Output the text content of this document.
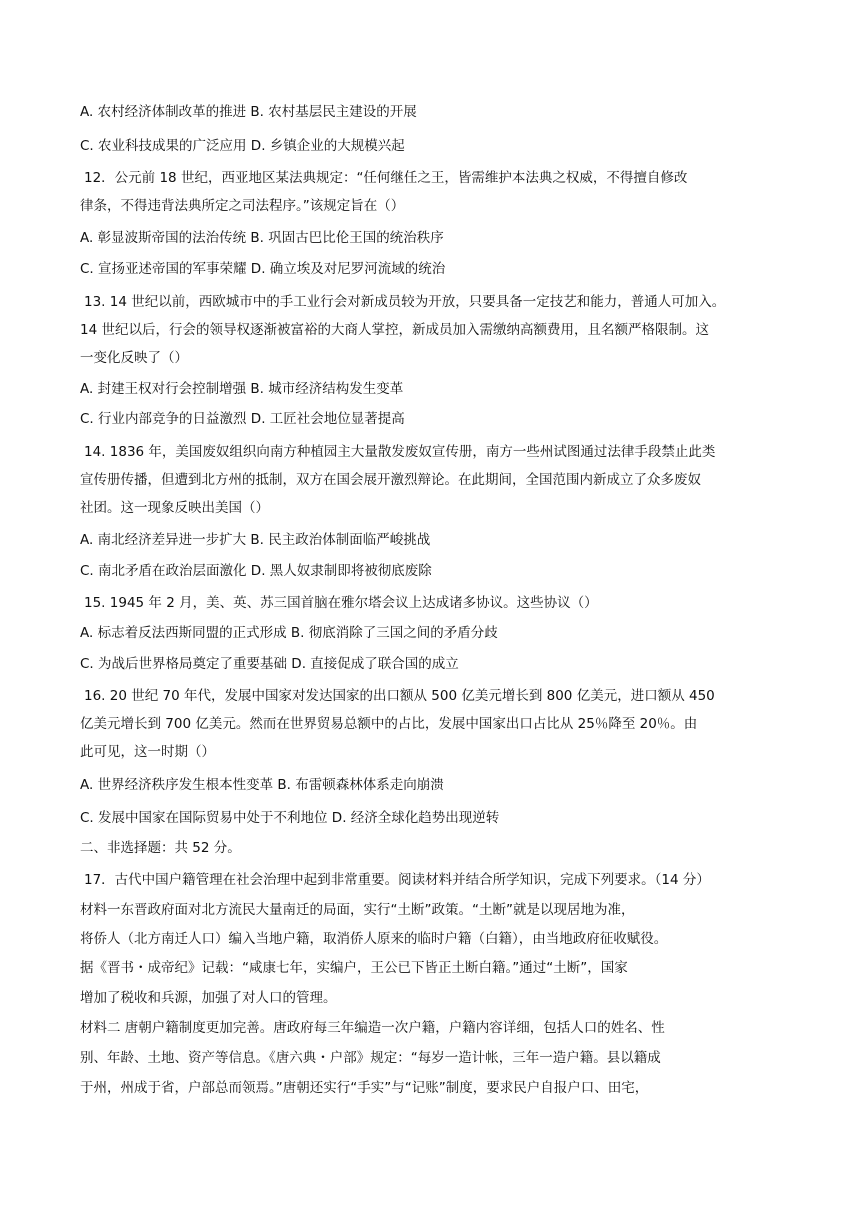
A. 农村经济体制改革的推进 B. 农村基层民主建设的开展
C. 农业科技成果的广泛应用 D. 乡镇企业的大规模兴起
12．公元前 18 世纪，西亚地区某法典规定：“任何继任之王，皆需维护本法典之权威，不得擅自修改
律条，不得违背法典所定之司法程序。”该规定旨在（）
A. 彰显波斯帝国的法治传统 B. 巩固古巴比伦王国的统治秩序
C. 宣扬亚述帝国的军事荣耀 D. 确立埃及对尼罗河流域的统治
13. 14 世纪以前，西欧城市中的手工业行会对新成员较为开放，只要具备一定技艺和能力，普通人可加入。
14 世纪以后，行会的领导权逐渐被富裕的大商人掌控，新成员加入需缴纳高额费用，且名额严格限制。这
一变化反映了（）
A. 封建王权对行会控制增强 B. 城市经济结构发生变革
C. 行业内部竞争的日益激烈 D. 工匠社会地位显著提高
14. 1836 年，美国废奴组织向南方种植园主大量散发废奴宣传册，南方一些州试图通过法律手段禁止此类
宣传册传播，但遭到北方州的抵制，双方在国会展开激烈辩论。在此期间，全国范围内新成立了众多废奴
社团。这一现象反映出美国（）
A. 南北经济差异进一步扩大 B. 民主政治体制面临严峻挑战
C. 南北矛盾在政治层面激化 D. 黑人奴隶制即将被彻底废除
15. 1945 年 2 月，美、英、苏三国首脑在雅尔塔会议上达成诸多协议。这些协议（）
A. 标志着反法西斯同盟的正式形成 B. 彻底消除了三国之间的矛盾分歧
C. 为战后世界格局奠定了重要基础 D. 直接促成了联合国的成立
16. 20 世纪 70 年代，发展中国家对发达国家的出口额从 500 亿美元增长到 800 亿美元，进口额从 450
亿美元增长到 700 亿美元。然而在世界贸易总额中的占比，发展中国家出口占比从 25％降至 20％。由
此可见，这一时期（）
A. 世界经济秩序发生根本性变革 B. 布雷顿森林体系走向崩溃
C. 发展中国家在国际贸易中处于不利地位 D. 经济全球化趋势出现逆转
二、非选择题：共 52 分。
17．古代中国户籍管理在社会治理中起到非常重要。阅读材料并结合所学知识，完成下列要求。（14 分）
材料一东晋政府面对北方流民大量南迁的局面，实行“土断”政策。“土断”就是以现居地为准，
将侨人（北方南迁人口）编入当地户籍，取消侨人原来的临时户籍（白籍），由当地政府征收赋役。
据《晋书・成帝纪》记载：“咸康七年，实编户，王公已下皆正土断白籍。”通过“土断”，国家
增加了税收和兵源，加强了对人口的管理。
材料二 唐朝户籍制度更加完善。唐政府每三年编造一次户籍，户籍内容详细，包括人口的姓名、性
别、年龄、土地、资产等信息。《唐六典・户部》规定：“每岁一造计帐，三年一造户籍。县以籍成
于州，州成于省，户部总而领焉。”唐朝还实行“手实”与“记账”制度，要求民户自报户口、田宅，
